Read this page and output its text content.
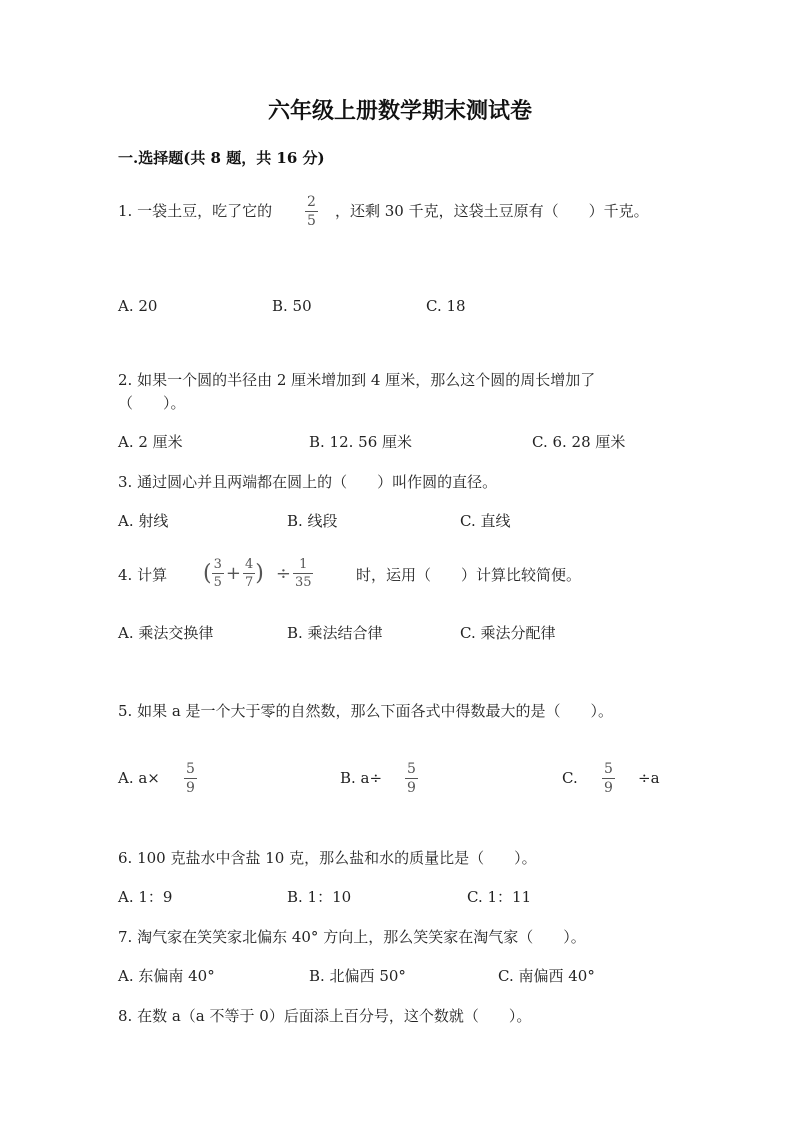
六年级上册数学期末测试卷
一.选择题(共 8 题，共 16 分)
1. 一袋土豆，吃了它的 2
5
，还剩 30 千克，这袋土豆原有（　　）千克。
A. 20	B. 50	C. 18
2. 如果一个圆的半径由 2 厘米增加到 4 厘米，那么这个圆的周长增加了
（　　）。
A. 2 厘米	B. 12. 56 厘米	C. 6. 28 厘米
3. 通过圆心并且两端都在圆上的（　　）叫作圆的直径。
A. 射线	B. 线段	C. 直线
4. 计算 ( $\frac{3}{5} + \frac{4}{7}$ ) ÷ $\frac{1}{35}$	时，运用（　　）计算比较简便。
A. 乘法交换律	B. 乘法结合律	C. 乘法分配律
5. 如果 a 是一个大于零的自然数，那么下面各式中得数最大的是（　　）。
A. a× 5
9
B. a÷ 5
9
C. 5
9
÷a
6. 100 克盐水中含盐 10 克，那么盐和水的质量比是（　　）。
A. 1：9	B. 1：10	C. 1：11
7. 淘气家在笑笑家北偏东 40° 方向上，那么笑笑家在淘气家（　　）。
A. 东偏南 40°	B. 北偏西 50°	C. 南偏西 40°
8. 在数 a（a 不等于 0）后面添上百分号，这个数就（　　）。
